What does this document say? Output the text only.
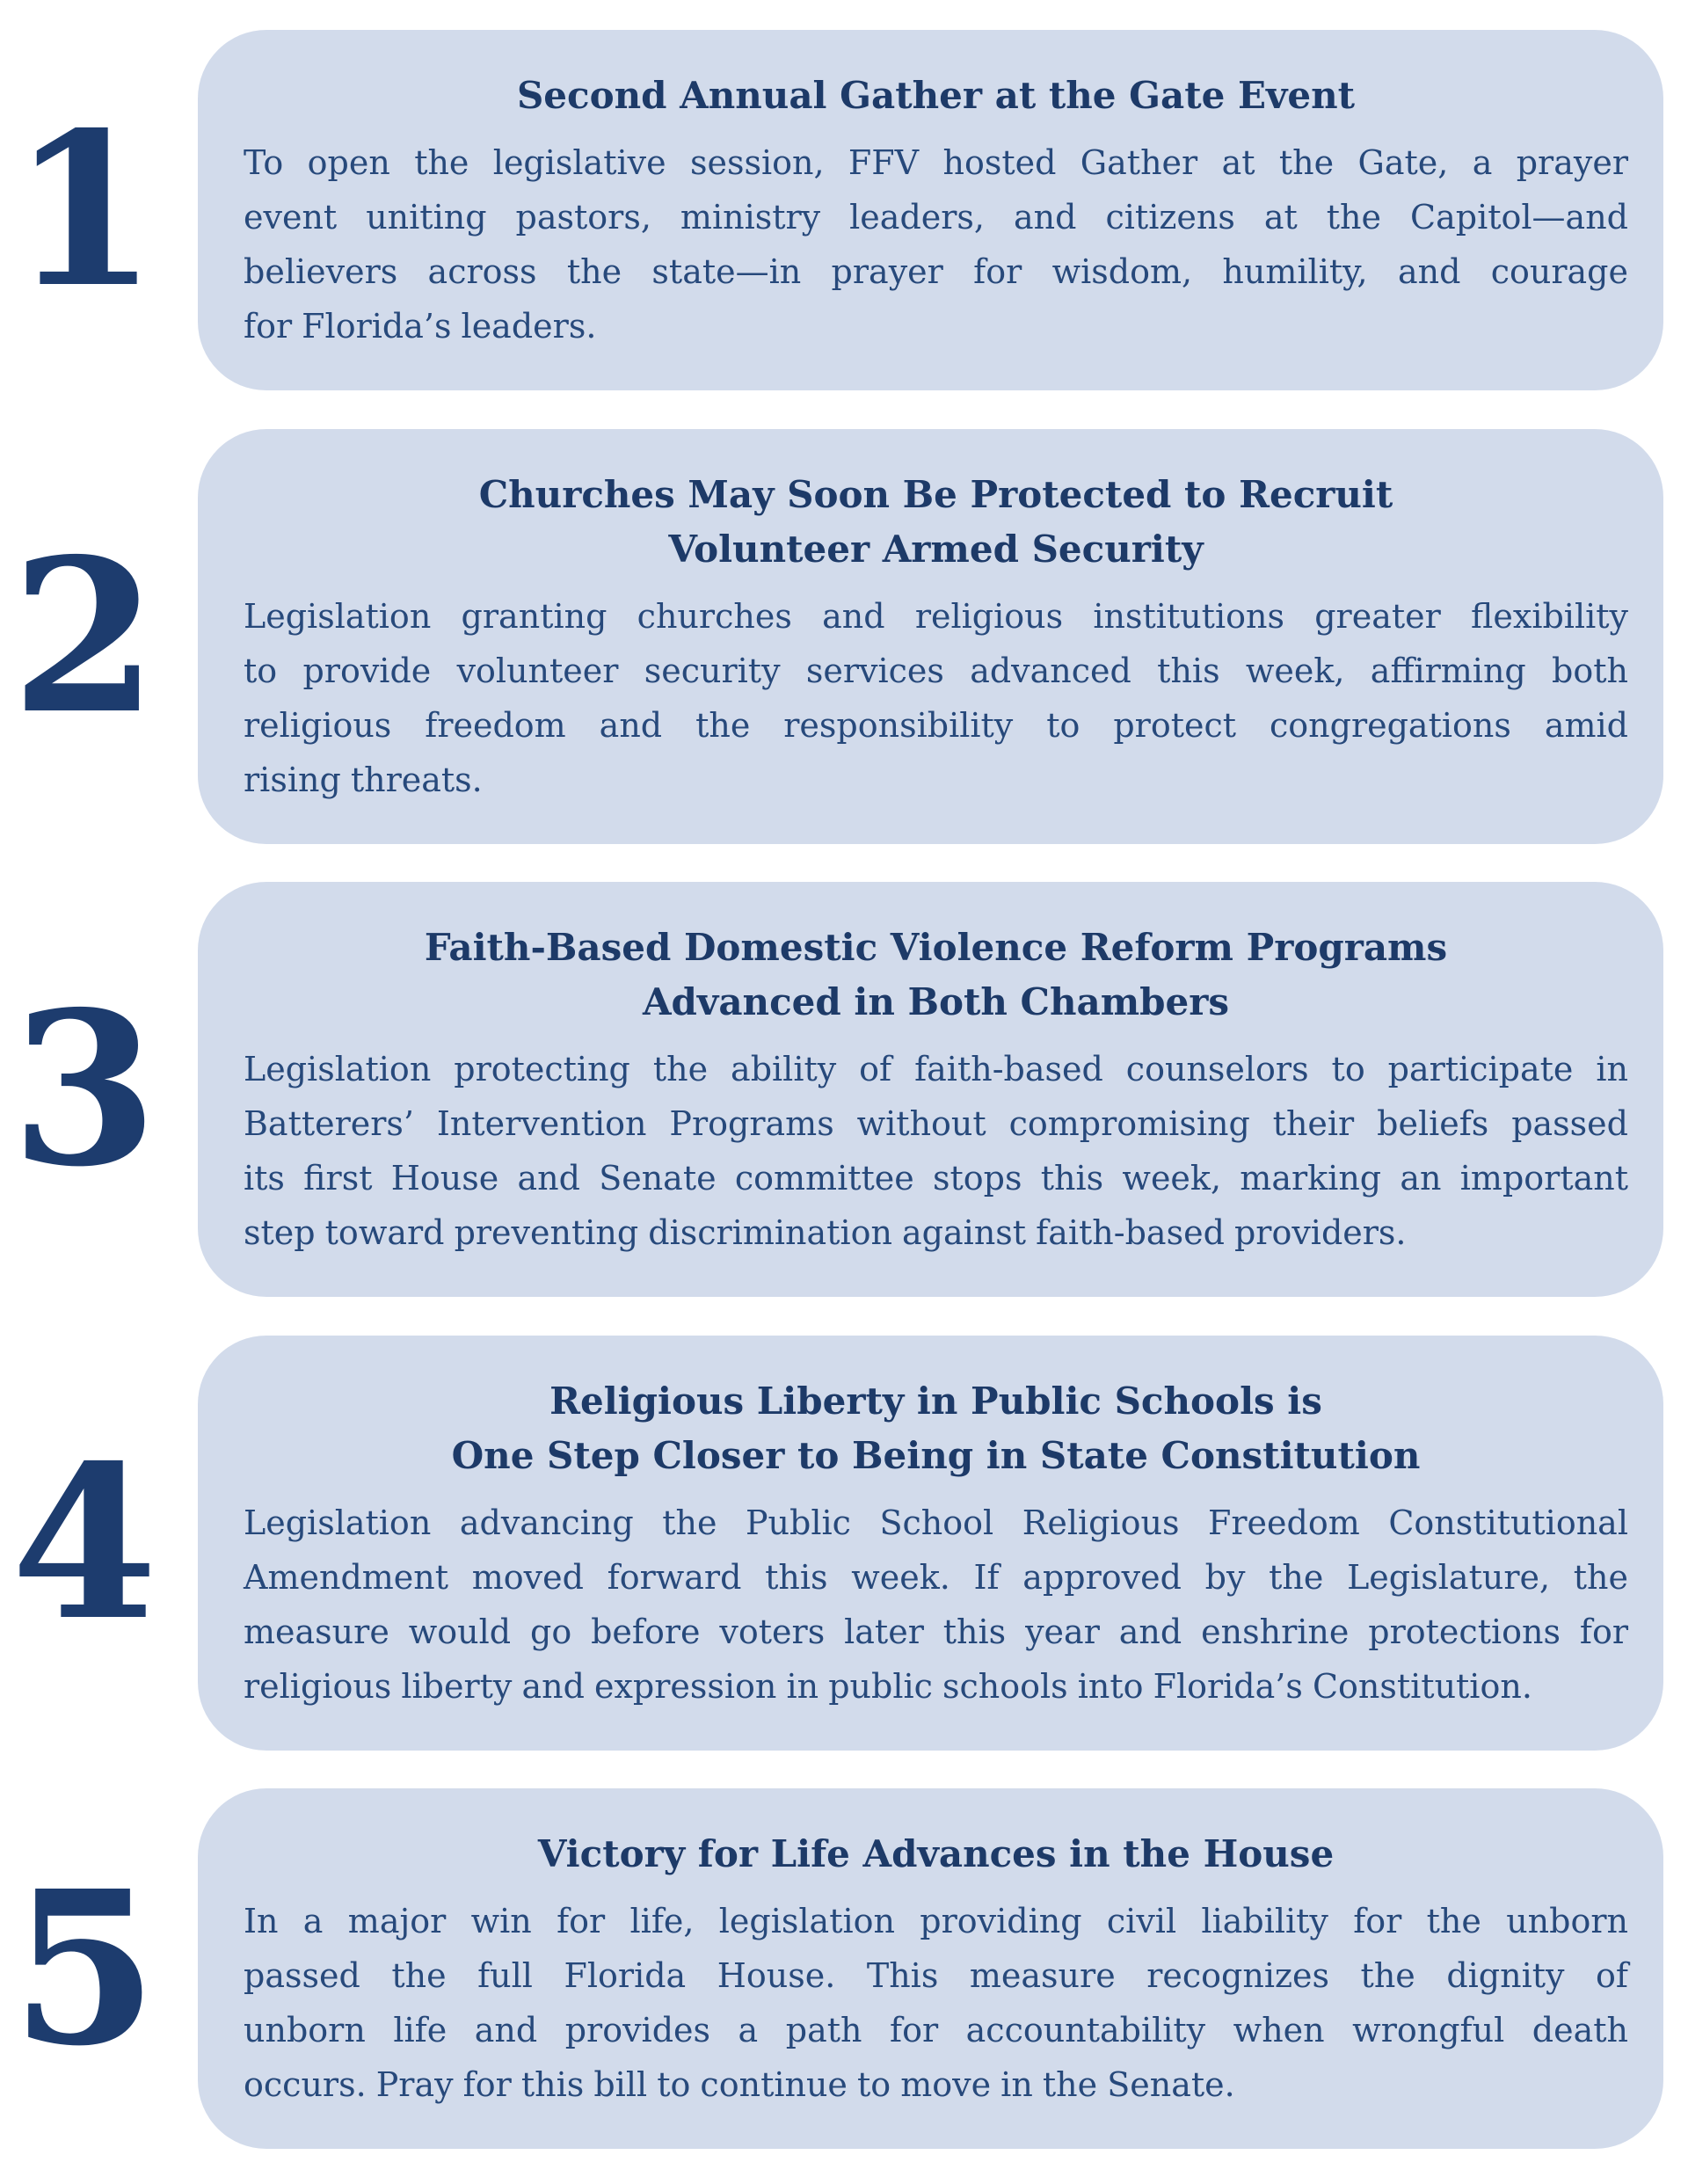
1	Second Annual Gather at the Gate Event
To open the legislative session, FFV hosted Gather at the Gate, a prayer
event uniting pastors, ministry leaders, and citizens at the Capitol—and
believers across the state—in prayer for wisdom, humility, and courage
for Florida’s leaders.
2
Churches May Soon Be Protected to Recruit
Volunteer Armed Security
Legislation granting churches and religious institutions greater flexibility
to provide volunteer security services advanced this week, affirming both
religious freedom and the responsibility to protect congregations amid
rising threats.
3
Faith-Based Domestic Violence Reform Programs
Advanced in Both Chambers
Legislation protecting the ability of faith-based counselors to participate in
Batterers’ Intervention Programs without compromising their beliefs passed
its first House and Senate committee stops this week, marking an important
step toward preventing discrimination against faith-based providers.
4
Religious Liberty in Public Schools is
One Step Closer to Being in State Constitution
Legislation advancing the Public School Religious Freedom Constitutional
Amendment moved forward this week. If approved by the Legislature, the
measure would go before voters later this year and enshrine protections for
religious liberty and expression in public schools into Florida’s Constitution.
5	Victory for Life Advances in the House
In a major win for life, legislation providing civil liability for the unborn
passed the full Florida House. This measure recognizes the dignity of
unborn life and provides a path for accountability when wrongful death
occurs. Pray for this bill to continue to move in the Senate.
